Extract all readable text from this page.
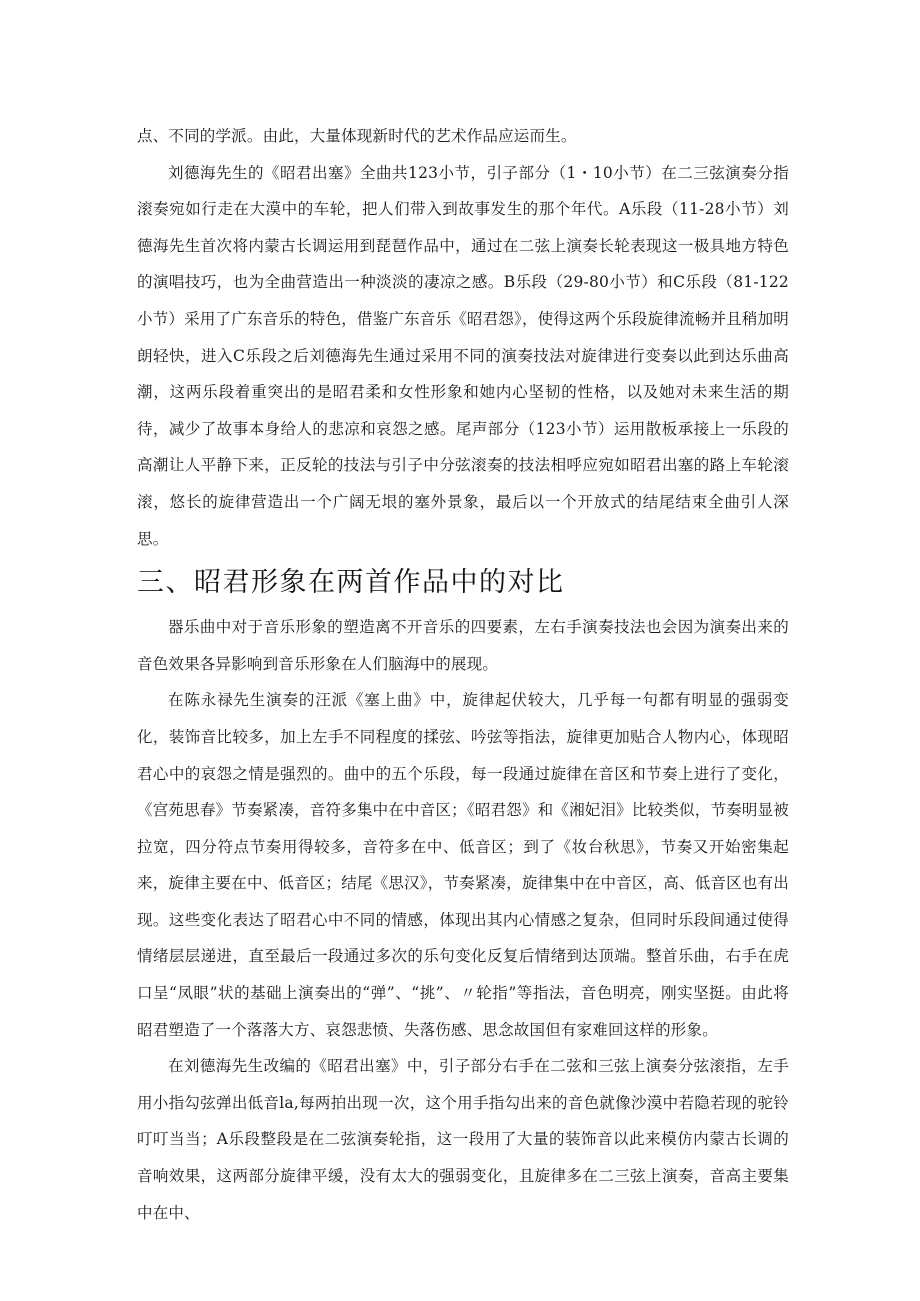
点、不同的学派。由此，大量体现新时代的艺术作品应运而生。

刘德海先生的《昭君出塞》全曲共123小节，引子部分（1・10小节）在二三弦演奏分指滚奏宛如行走在大漠中的车轮，把人们带入到故事发生的那个年代。A乐段（11-28小节）刘德海先生首次将内蒙古长调运用到琵琶作品中，通过在二弦上演奏长轮表现这一极具地方特色的演唱技巧，也为全曲营造出一种淡淡的凄凉之感。B乐段（29-80小节）和C乐段（81-122小节）采用了广东音乐的特色，借鉴广东音乐《昭君怨》，使得这两个乐段旋律流畅并且稍加明朗轻快，进入C乐段之后刘德海先生通过采用不同的演奏技法对旋律进行变奏以此到达乐曲高潮，这两乐段着重突出的是昭君柔和女性形象和她内心坚韧的性格，以及她对未来生活的期待，减少了故事本身给人的悲凉和哀怨之感。尾声部分（123小节）运用散板承接上一乐段的高潮让人平静下来，正反轮的技法与引子中分弦滚奏的技法相呼应宛如昭君出塞的路上车轮滚滚，悠长的旋律营造出一个广阔无垠的塞外景象，最后以一个开放式的结尾结束全曲引人深思。

三、昭君形象在两首作品中的对比

器乐曲中对于音乐形象的塑造离不开音乐的四要素，左右手演奏技法也会因为演奏出来的音色效果各异影响到音乐形象在人们脑海中的展现。

在陈永禄先生演奏的汪派《塞上曲》中，旋律起伏较大，几乎每一句都有明显的强弱变化，装饰音比较多，加上左手不同程度的揉弦、吟弦等指法，旋律更加贴合人物内心，体现昭君心中的哀怨之情是强烈的。曲中的五个乐段，每一段通过旋律在音区和节奏上进行了变化，《宫苑思春》节奏紧凑，音符多集中在中音区；《昭君怨》和《湘妃泪》比较类似，节奏明显被拉宽，四分符点节奏用得较多，音符多在中、低音区；到了《妆台秋思》，节奏又开始密集起来，旋律主要在中、低音区；结尾《思汉》，节奏紧凑，旋律集中在中音区，高、低音区也有出现。这些变化表达了昭君心中不同的情感，体现出其内心情感之复杂，但同时乐段间通过使得情绪层层递进，直至最后一段通过多次的乐句变化反复后情绪到达顶端。整首乐曲，右手在虎口呈“凤眼”状的基础上演奏出的“弹”、“挑”、〃轮指”等指法，音色明亮，刚实坚挺。由此将昭君塑造了一个落落大方、哀怨悲愤、失落伤感、思念故国但有家难回这样的形象。

在刘德海先生改编的《昭君出塞》中，引子部分右手在二弦和三弦上演奏分弦滚指，左手用小指勾弦弹出低音la,每两拍出现一次，这个用手指勾出来的音色就像沙漠中若隐若现的驼铃叮叮当当；A乐段整段是在二弦演奏轮指，这一段用了大量的装饰音以此来模仿内蒙古长调的音响效果，这两部分旋律平缓，没有太大的强弱变化，且旋律多在二三弦上演奏，音高主要集中在中、
